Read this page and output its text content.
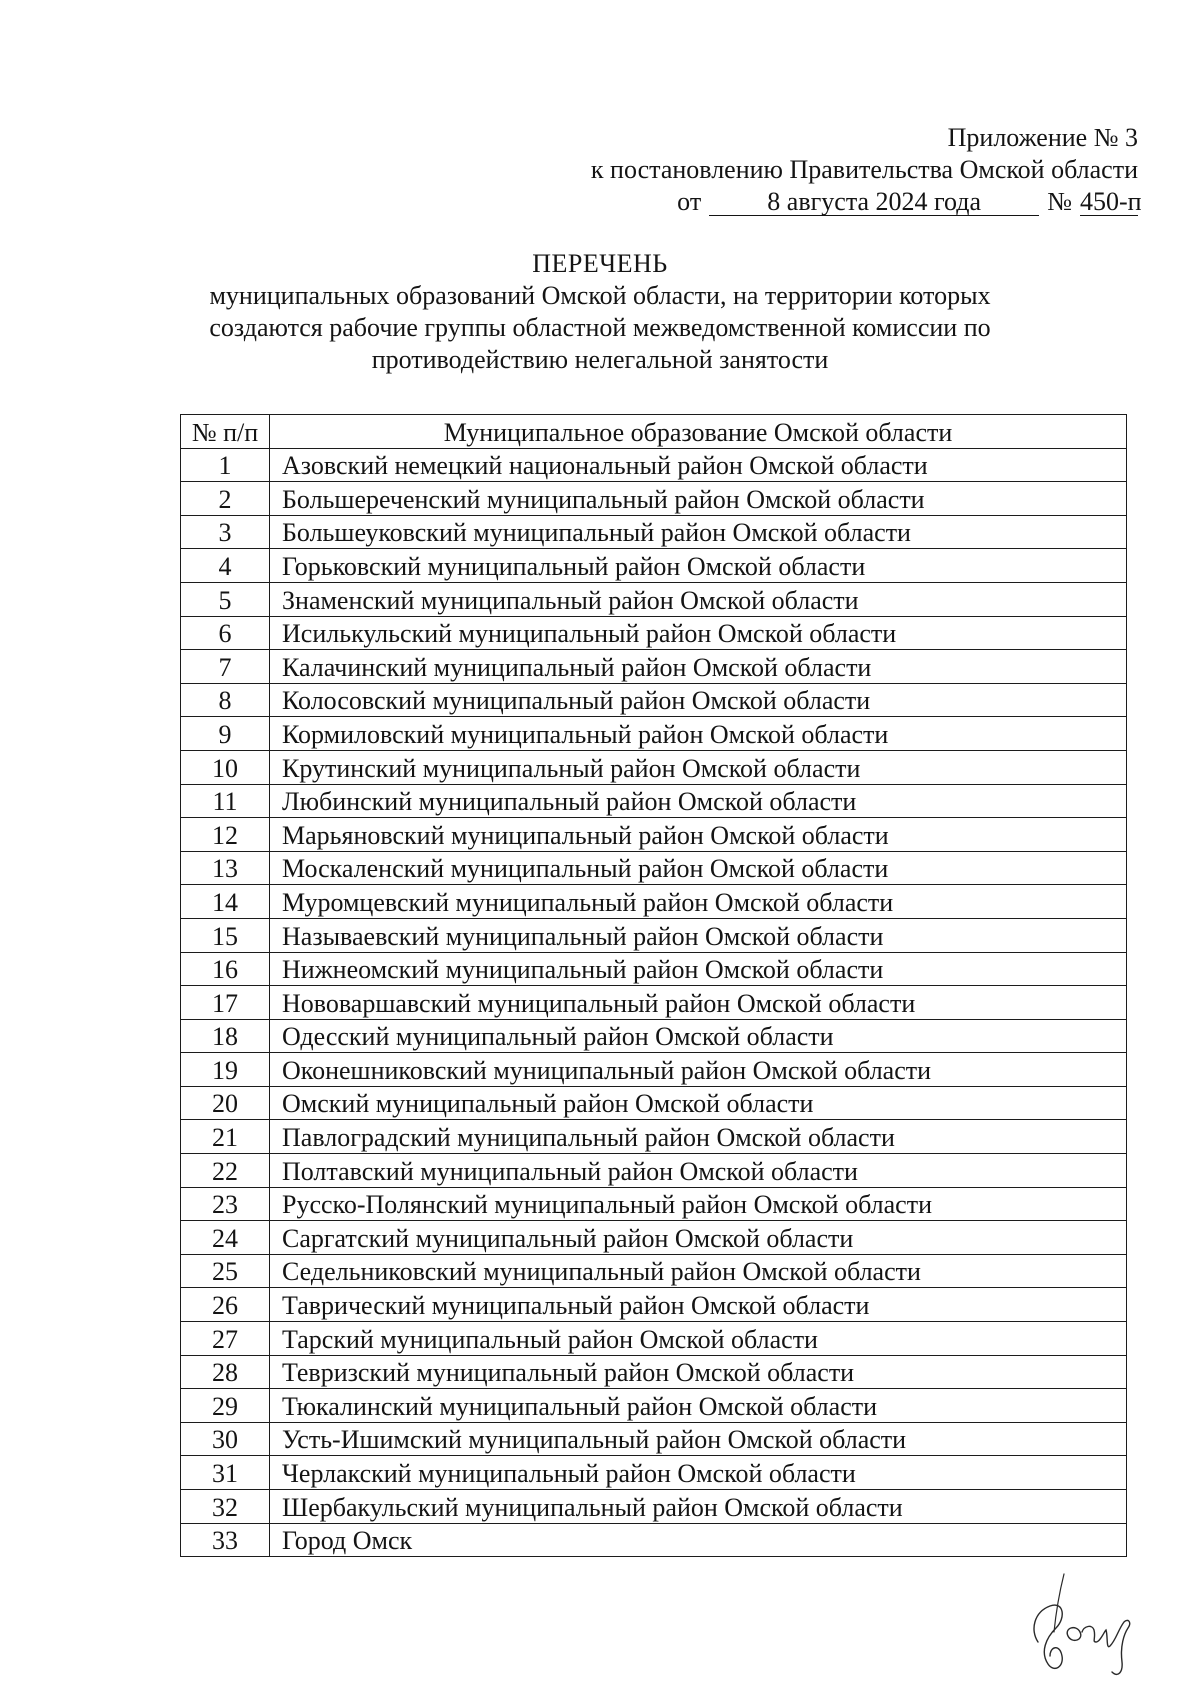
Приложение № 3
к постановлению Правительства Омской области
от	8 августа 2024 года	№ 450-п
ПЕРЕЧЕНЬ
муниципальных образований Омской области, на территории которых
создаются рабочие группы областной межведомственной комиссии по
противодействию нелегальной занятости
№ п/п	Муниципальное образование Омской области
1	Азовский немецкий национальный район Омской области
2	Большереченский муниципальный район Омской области
3	Большеуковский муниципальный район Омской области
4	Горьковский муниципальный район Омской области
5	Знаменский муниципальный район Омской области
6	Исилькульский муниципальный район Омской области
7	Калачинский муниципальный район Омской области
8	Колосовский муниципальный район Омской области
9	Кормиловский муниципальный район Омской области
10	Крутинский муниципальный район Омской области
11	Любинский муниципальный район Омской области
12	Марьяновский муниципальный район Омской области
13	Москаленский муниципальный район Омской области
14	Муромцевский муниципальный район Омской области
15	Называевский муниципальный район Омской области
16	Нижнеомский муниципальный район Омской области
17	Нововаршавский муниципальный район Омской области
18	Одесский муниципальный район Омской области
19	Оконешниковский муниципальный район Омской области
20	Омский муниципальный район Омской области
21	Павлоградский муниципальный район Омской области
22	Полтавский муниципальный район Омской области
23	Русско-Полянский муниципальный район Омской области
24	Саргатский муниципальный район Омской области
25	Седельниковский муниципальный район Омской области
26	Таврический муниципальный район Омской области
27	Тарский муниципальный район Омской области
28	Тевризский муниципальный район Омской области
29	Тюкалинский муниципальный район Омской области
30	Усть-Ишимский муниципальный район Омской области
31	Черлакский муниципальный район Омской области
32	Шербакульский муниципальный район Омской области
33	Город Омск
